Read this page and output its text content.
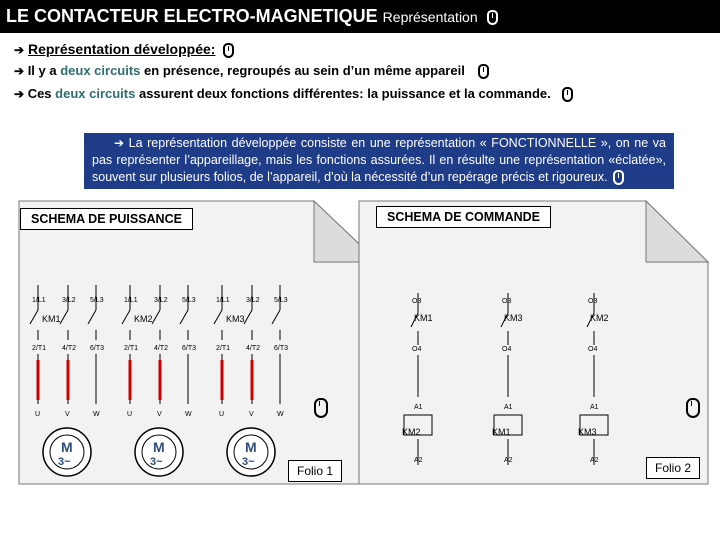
LE CONTACTEUR ELECTRO-MAGNETIQUE Représentation
➔ Représentation développée:
➔ Il y a deux circuits en présence, regroupés au sein d’un même appareil
➔ Ces deux circuits assurent deux fonctions différentes: la puissance et la commande.
➔ La représentation développée consiste en une représentation « FONCTIONNELLE », on ne va pas représenter l’appareillage, mais les fonctions assurées. Il en résulte une représentation «éclatée», souvent sur plusieurs folios, de l’appareil, d’où la nécessité d’un repérage précis et rigoureux.
SCHEMA DE PUISSANCE	SCHEMA DE COMMANDE
1/L1
2/T1
U
3/L2
4/T2
V
5/L3
6/T3
W
KM1
M
3~
1/L1
2/T1
U
3/L2
4/T2
V
5/L3
6/T3
W
KM2
M
3~
1/L1
2/T1
U
3/L2
4/T2
V
5/L3
6/T3
W
KM3
M
3~
O3
KM1
O4
A1
KM2
A2
O3
KM3
O4
A1
KM1
A2
O3
KM2
O4
A1
KM3
A2

Folio 1	Folio 2
